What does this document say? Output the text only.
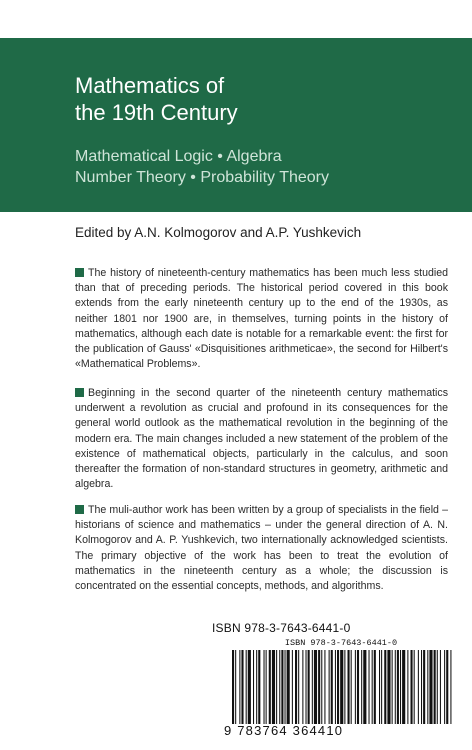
Mathematics of
the 19th Century
Mathematical Logic • Algebra
Number Theory • Probability Theory
Edited by A.N. Kolmogorov and A.P. Yushkevich
The history of nineteenth-century mathematics has been much less studied than that of preceding periods. The historical period covered in this book extends from the early nineteenth century up to the end of the 1930s, as neither 1801 nor 1900 are, in themselves, turning points in the history of mathematics, although each date is notable for a remarkable event: the first for the publication of Gauss' «Disquisitiones arithmeticae», the second for Hilbert's «Mathematical Problems».
Beginning in the second quarter of the nineteenth century mathematics underwent a revolution as crucial and profound in its consequences for the general world outlook as the mathematical revolution in the beginning of the modern era. The main changes included a new statement of the problem of the existence of mathematical objects, particularly in the calculus, and soon thereafter the formation of non-standard structures in geometry, arithmetic and algebra.
The muli-author work has been written by a group of specialists in the field – historians of science and mathematics – under the general direction of A. N. Kolmogorov and A. P. Yushkevich, two internationally acknowledged scientists. The primary objective of the work has been to treat the evolution of mathematics in the nineteenth century as a whole; the discussion is concentrated on the essential concepts, methods, and algorithms.
ISBN 978-3-7643-6441-0
ISBN 978-3-7643-6441-0
9 783764 364410
